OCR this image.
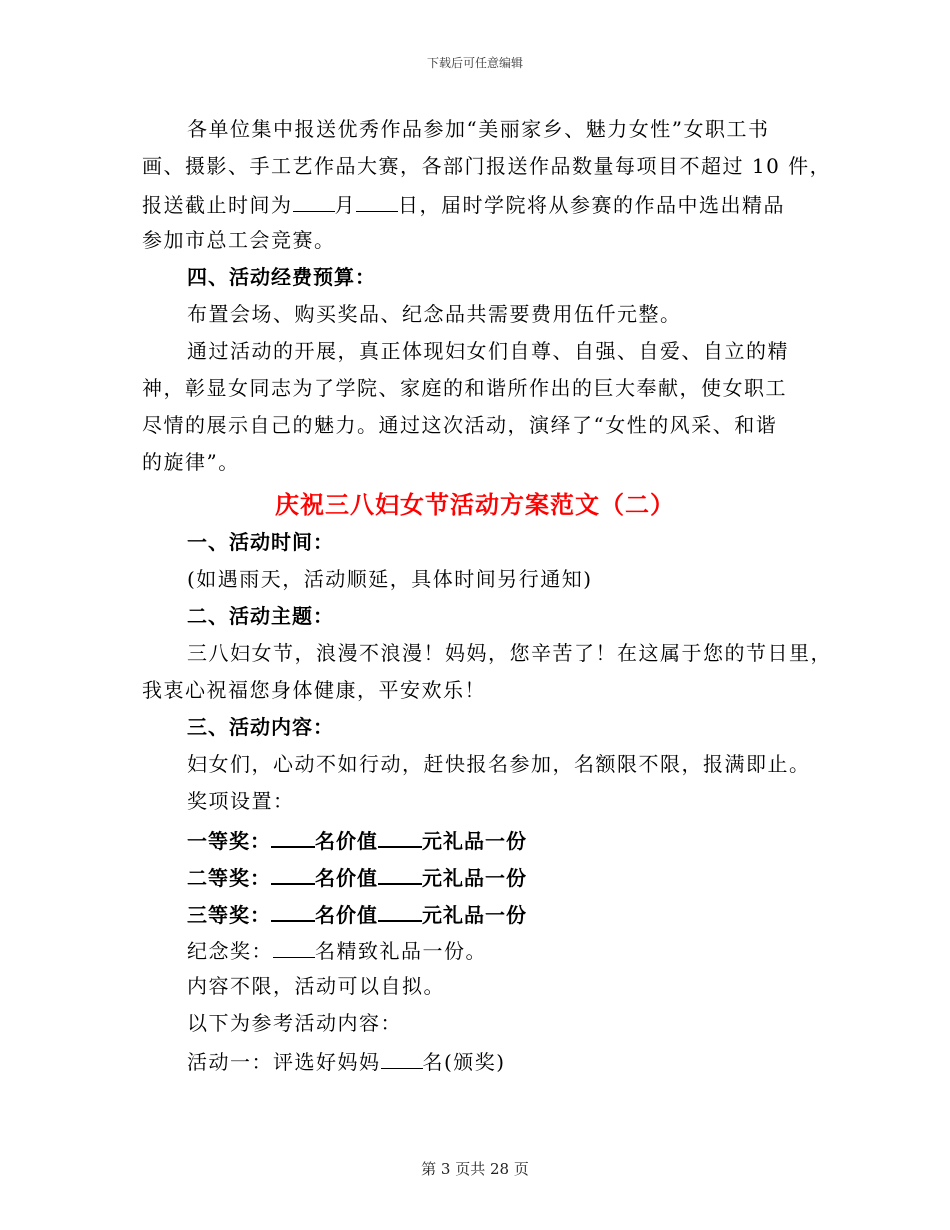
下载后可任意编辑
各单位集中报送优秀作品参加“美丽家乡、魅力女性”女职工书
画、摄影、手工艺作品大赛，各部门报送作品数量每项目不超过 10 件，
报送截止时间为 月 日，届时学院将从参赛的作品中选出精品
参加市总工会竞赛。
四、活动经费预算：
布置会场、购买奖品、纪念品共需要费用伍仟元整。
通过活动的开展，真正体现妇女们自尊、自强、自爱、自立的精
神，彰显女同志为了学院、家庭的和谐所作出的巨大奉献，使女职工
尽情的展示自己的魅力。通过这次活动，演绎了“女性的风采、和谐
的旋律”。
庆祝三八妇女节活动方案范文（二）
一、活动时间：
(如遇雨天，活动顺延，具体时间另行通知)
二、活动主题：
三八妇女节，浪漫不浪漫！妈妈，您辛苦了！在这属于您的节日里，
我衷心祝福您身体健康，平安欢乐！
三、活动内容：
妇女们，心动不如行动，赶快报名参加，名额限不限，报满即止。
奖项设置：
一等奖： 名价值 元礼品一份
二等奖： 名价值 元礼品一份
三等奖： 名价值 元礼品一份
纪念奖： 名精致礼品一份。
内容不限，活动可以自拟。
以下为参考活动内容：
活动一：评选好妈妈 名(颁奖)
第 3 页共 28 页
